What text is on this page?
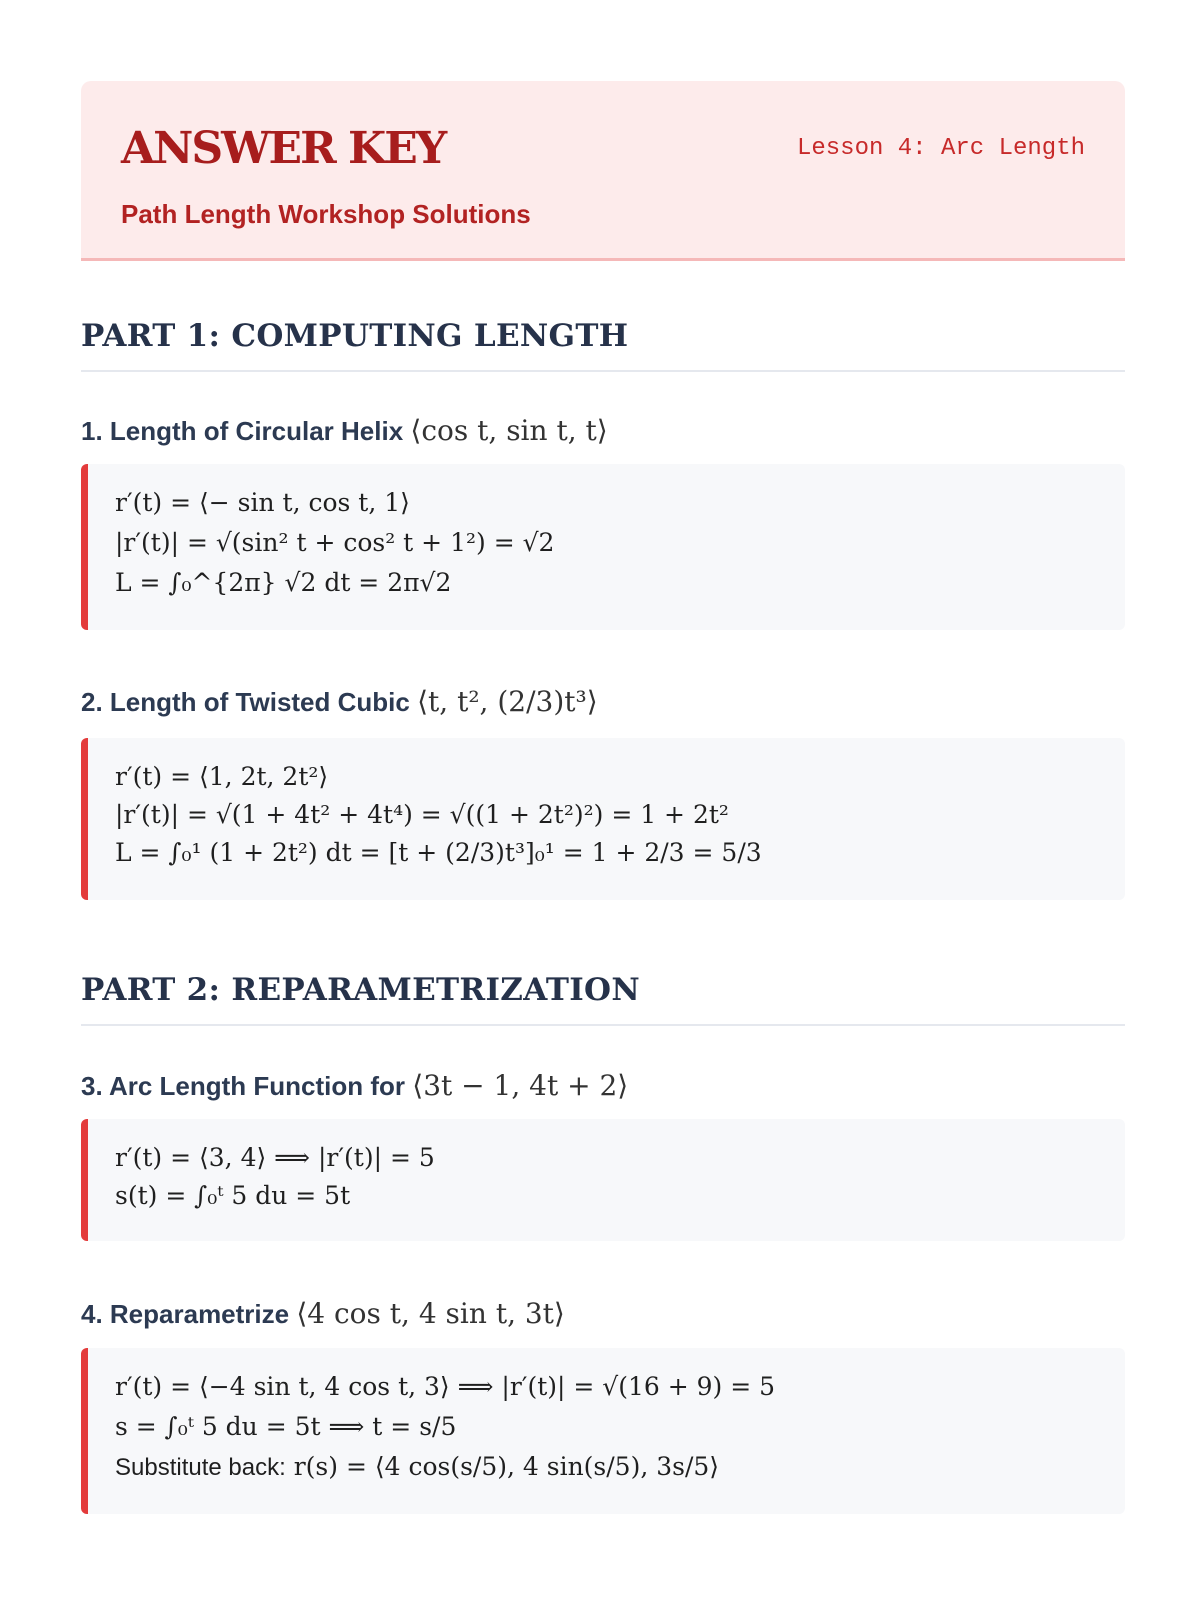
ANSWER KEY

Path Length Workshop Solutions

Lesson 4: Arc Length

PART 1: COMPUTING LENGTH

1. Length of Circular Helix ⟨cos t, sin t, t⟩

r′(t) = ⟨− sin t, cos t, 1⟩

|r′(t)| = √(sin² t + cos² t + 1²) = √2

L = ∫₀^{2π} √2 dt = 2π√2

2. Length of Twisted Cubic ⟨t, t², (2/3)t³⟩

r′(t) = ⟨1, 2t, 2t²⟩

|r′(t)| = √(1 + 4t² + 4t⁴) = √((1 + 2t²)²) = 1 + 2t²

L = ∫₀¹ (1 + 2t²) dt = [t + (2/3)t³]₀¹ = 1 + 2/3 = 5/3

PART 2: REPARAMETRIZATION

3. Arc Length Function for ⟨3t − 1, 4t + 2⟩

r′(t) = ⟨3, 4⟩ ⟹ |r′(t)| = 5

s(t) = ∫₀ᵗ 5 du = 5t

4. Reparametrize ⟨4 cos t, 4 sin t, 3t⟩

r′(t) = ⟨−4 sin t, 4 cos t, 3⟩ ⟹ |r′(t)| = √(16 + 9) = 5

s = ∫₀ᵗ 5 du = 5t ⟹ t = s/5

Substitute back: r(s) = ⟨4 cos(s/5), 4 sin(s/5), 3s/5⟩
